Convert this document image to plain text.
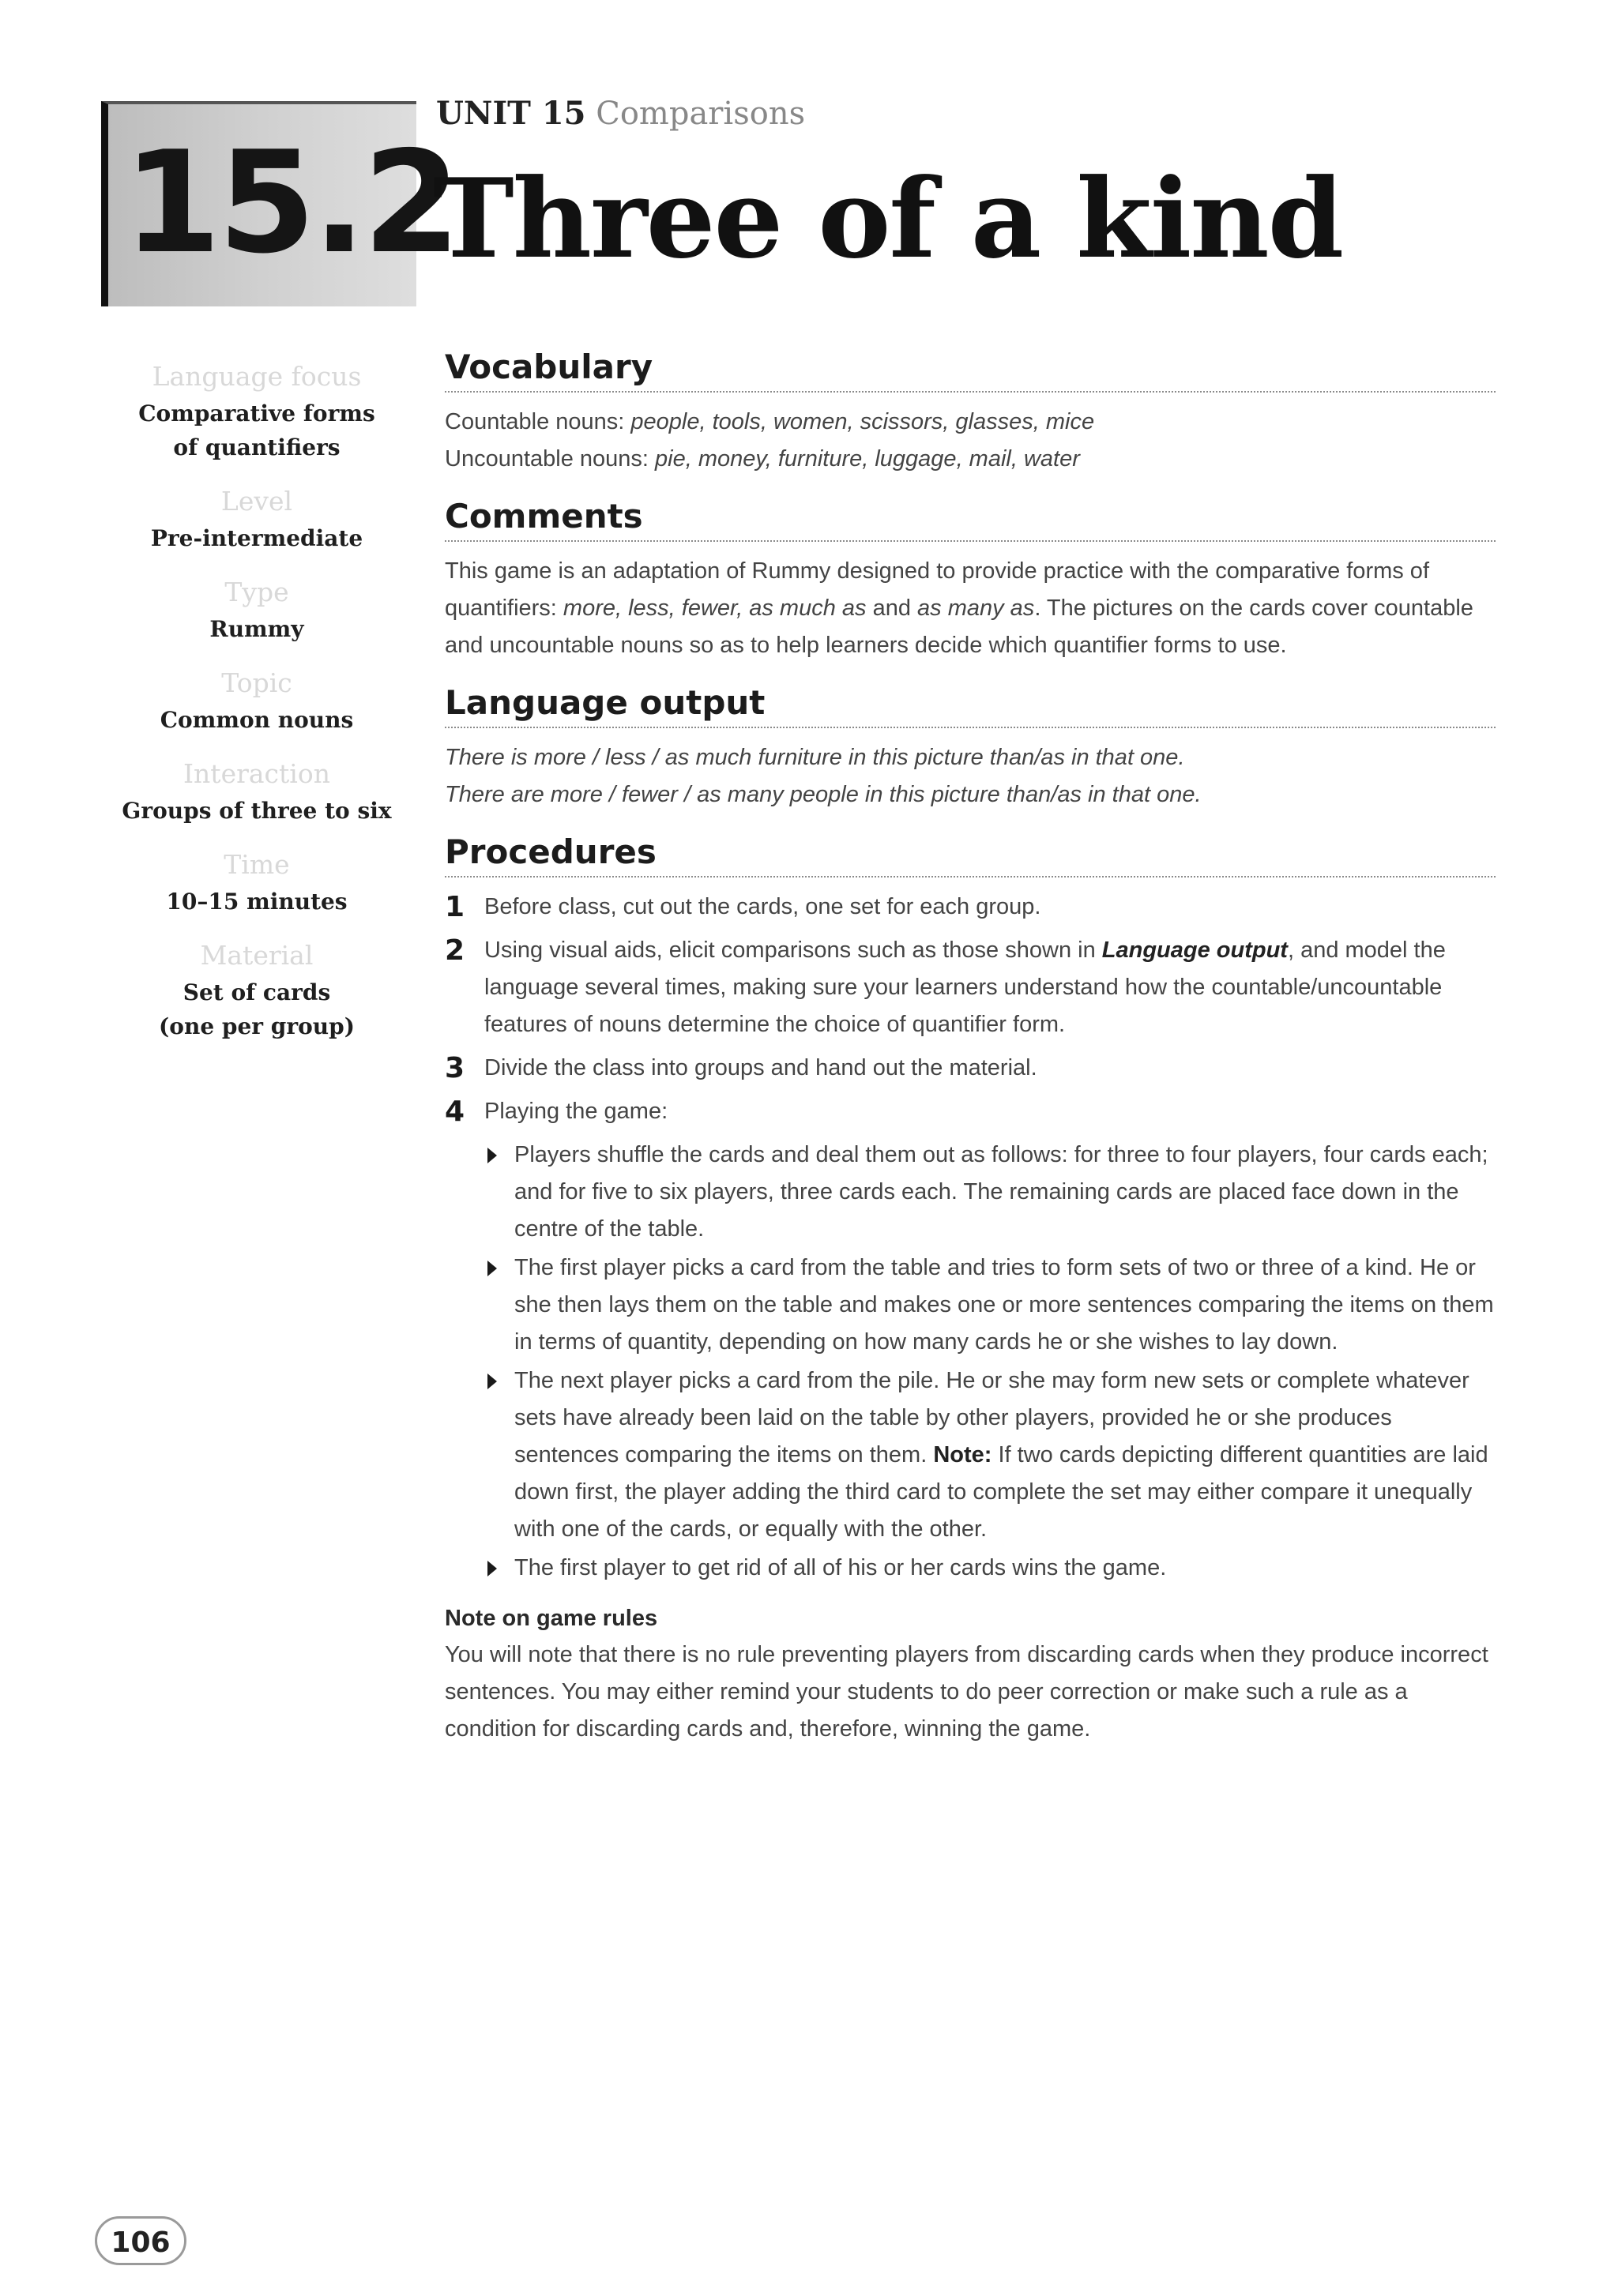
15.2
UNIT 15 Comparisons
Three of a kind
Language focus
Comparative forms
of quantifiers
Level
Pre-intermediate
Type
Rummy
Topic
Common nouns
Interaction
Groups of three to six
Time
10–15 minutes
Material
Set of cards
(one per group)
Vocabulary

Countable nouns: people, tools, women, scissors, glasses, mice

Uncountable nouns: pie, money, furniture, luggage, mail, water

Comments

This game is an adaptation of Rummy designed to provide practice with the comparative forms of quantifiers: more, less, fewer, as much as and as many as. The pictures on the cards cover countable and uncountable nouns so as to help learners decide which quantifier forms to use.

Language output

There is more / less / as much furniture in this picture than/as in that one.

There are more / fewer / as many people in this picture than/as in that one.

Procedures
1 Before class, cut out the cards, one set for each group.

2 Using visual aids, elicit comparisons such as those shown in Language output, and model the language several times, making sure your learners understand how the countable/uncountable features of nouns determine the choice of quantifier form.

3 Divide the class into groups and hand out the material.

4 Playing the game:

Players shuffle the cards and deal them out as follows: for three to four players, four cards each; and for five to six players, three cards each. The remaining cards are placed face down in the centre of the table.

The first player picks a card from the table and tries to form sets of two or three of a kind. He or she then lays them on the table and makes one or more sentences comparing the items on them in terms of quantity, depending on how many cards he or she wishes to lay down.

The next player picks a card from the pile. He or she may form new sets or complete whatever sets have already been laid on the table by other players, provided he or she produces sentences comparing the items on them. Note: If two cards depicting different quantities are laid down first, the player adding the third card to complete the set may either compare it unequally with one of the cards, or equally with the other.

The first player to get rid of all of his or her cards wins the game.

Note on game rules

You will note that there is no rule preventing players from discarding cards when they produce incorrect sentences. You may either remind your students to do peer correction or make such a rule as a condition for discarding cards and, therefore, winning the game.

106
